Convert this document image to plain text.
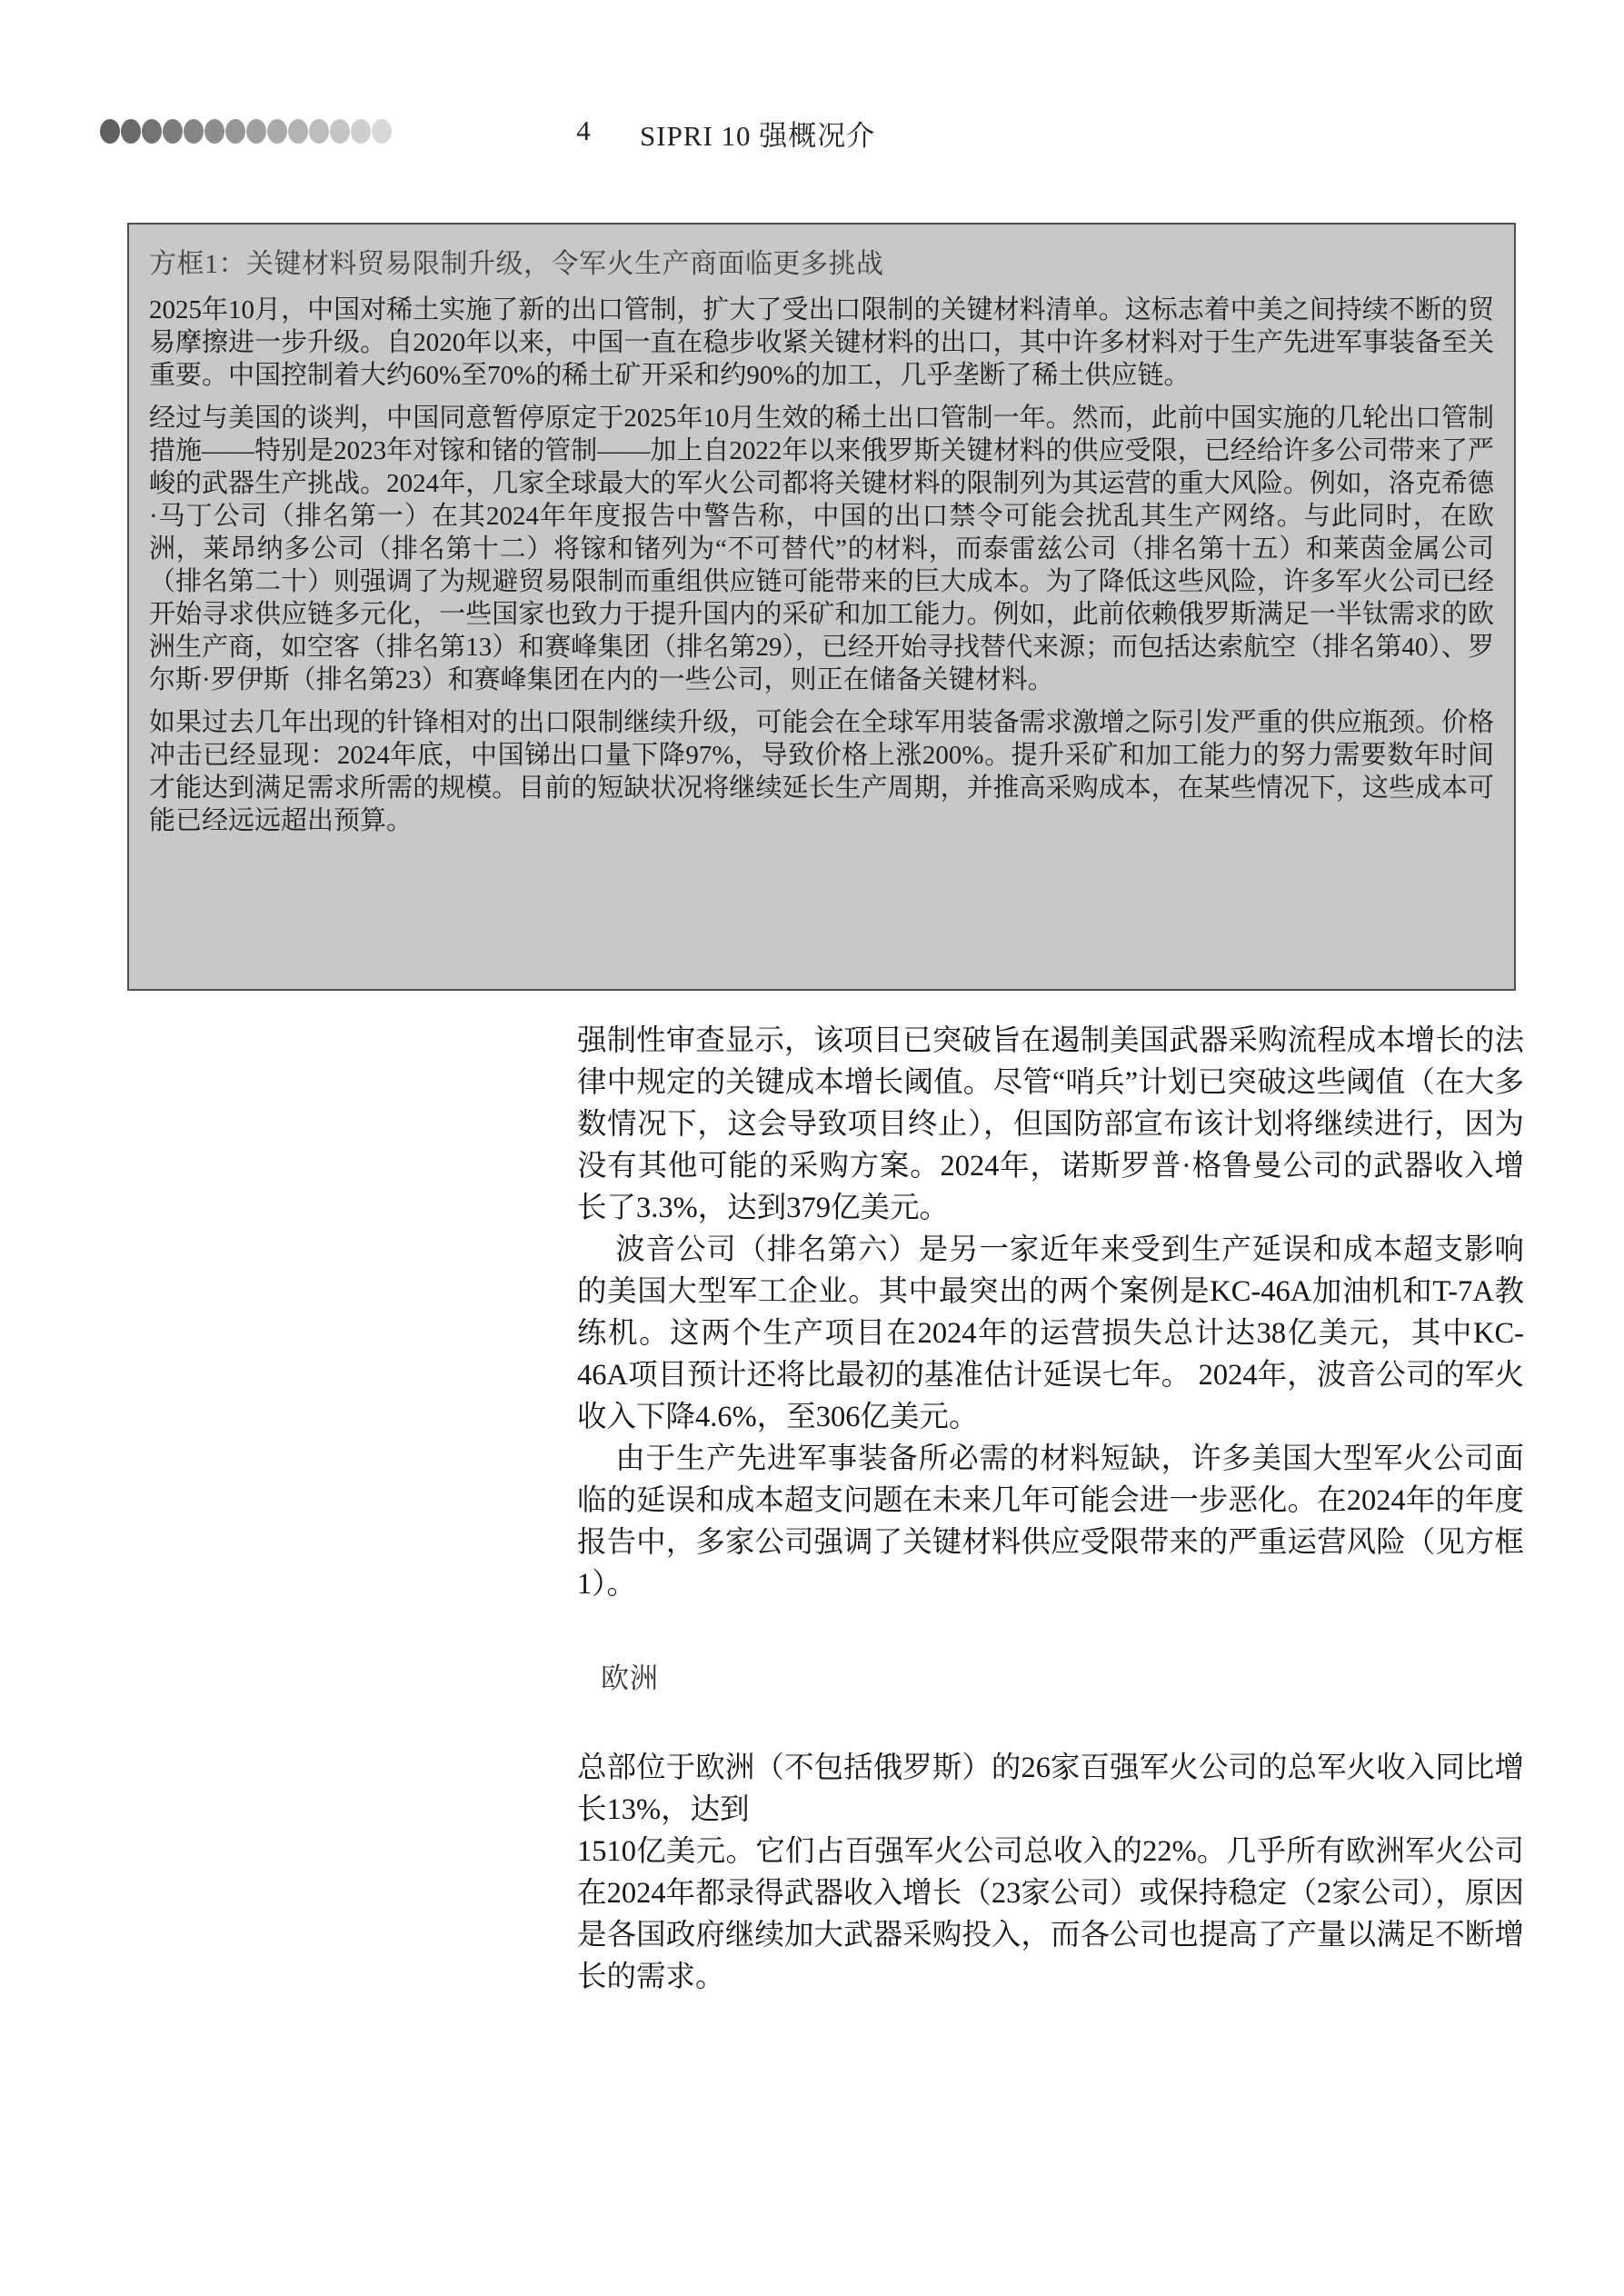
4	SIPRI 10 强概况介
方框1：关键材料贸易限制升级，令军火生产商面临更多挑战

2025年10月，中国对稀土实施了新的出口管制，扩大了受出口限制的关键材料清单。这标志着中美之间持续不断的贸易摩擦进一步升级。自2020年以来，中国一直在稳步收紧关键材料的出口，其中许多材料对于生产先进军事装备至关重要。中国控制着大约60%至70%的稀土矿开采和约90%的加工，几乎垄断了稀土供应链。

经过与美国的谈判，中国同意暂停原定于2025年10月生效的稀土出口管制一年。然而，此前中国实施的几轮出口管制措施——特别是2023年对镓和锗的管制——加上自2022年以来俄罗斯关键材料的供应受限，已经给许多公司带来了严峻的武器生产挑战。2024年，几家全球最大的军火公司都将关键材料的限制列为其运营的重大风险。例如，洛克希德·马丁公司（排名第一）在其2024年年度报告中警告称，中国的出口禁令可能会扰乱其生产网络。与此同时，在欧洲，莱昂纳多公司（排名第十二）将镓和锗列为“不可替代”的材料，而泰雷兹公司（排名第十五）和莱茵金属公司（排名第二十）则强调了为规避贸易限制而重组供应链可能带来的巨大成本。为了降低这些风险，许多军火公司已经开始寻求供应链多元化，一些国家也致力于提升国内的采矿和加工能力。例如，此前依赖俄罗斯满足一半钛需求的欧洲生产商，如空客（排名第13）和赛峰集团（排名第29），已经开始寻找替代来源；而包括达索航空（排名第40）、罗尔斯·罗伊斯（排名第23）和赛峰集团在内的一些公司，则正在储备关键材料。

如果过去几年出现的针锋相对的出口限制继续升级，可能会在全球军用装备需求激增之际引发严重的供应瓶颈。价格冲击已经显现：2024年底，中国锑出口量下降97%，导致价格上涨200%。提升采矿和加工能力的努力需要数年时间才能达到满足需求所需的规模。目前的短缺状况将继续延长生产周期，并推高采购成本，在某些情况下，这些成本可能已经远远超出预算。

强制性审查显示，该项目已突破旨在遏制美国武器采购流程成本增长的法律中规定的关键成本增长阈值。尽管“哨兵”计划已突破这些阈值（在大多数情况下，这会导致项目终止），但国防部宣布该计划将继续进行，因为没有其他可能的采购方案。2024年，诺斯罗普·格鲁曼公司的武器收入增长了3.3%，达到379亿美元。

波音公司（排名第六）是另一家近年来受到生产延误和成本超支影响的美国大型军工企业。其中最突出的两个案例是KC-46A加油机和T-7A教练机。这两个生产项目在2024年的运营损失总计达38亿美元，其中KC-46A项目预计还将比最初的基准估计延误七年。 2024年，波音公司的军火收入下降4.6%，至306亿美元。

由于生产先进军事装备所必需的材料短缺，许多美国大型军火公司面临的延误和成本超支问题在未来几年可能会进一步恶化。在2024年的年度报告中，多家公司强调了关键材料供应受限带来的严重运营风险（见方框1）。

欧洲

总部位于欧洲（不包括俄罗斯）的26家百强军火公司的总军火收入同比增长13%，达到
1510亿美元。它们占百强军火公司总收入的22%。几乎所有欧洲军火公司在2024年都录得武器收入增长（23家公司）或保持稳定（2家公司），原因是各国政府继续加大武器采购投入，而各公司也提高了产量以满足不断增长的需求。
